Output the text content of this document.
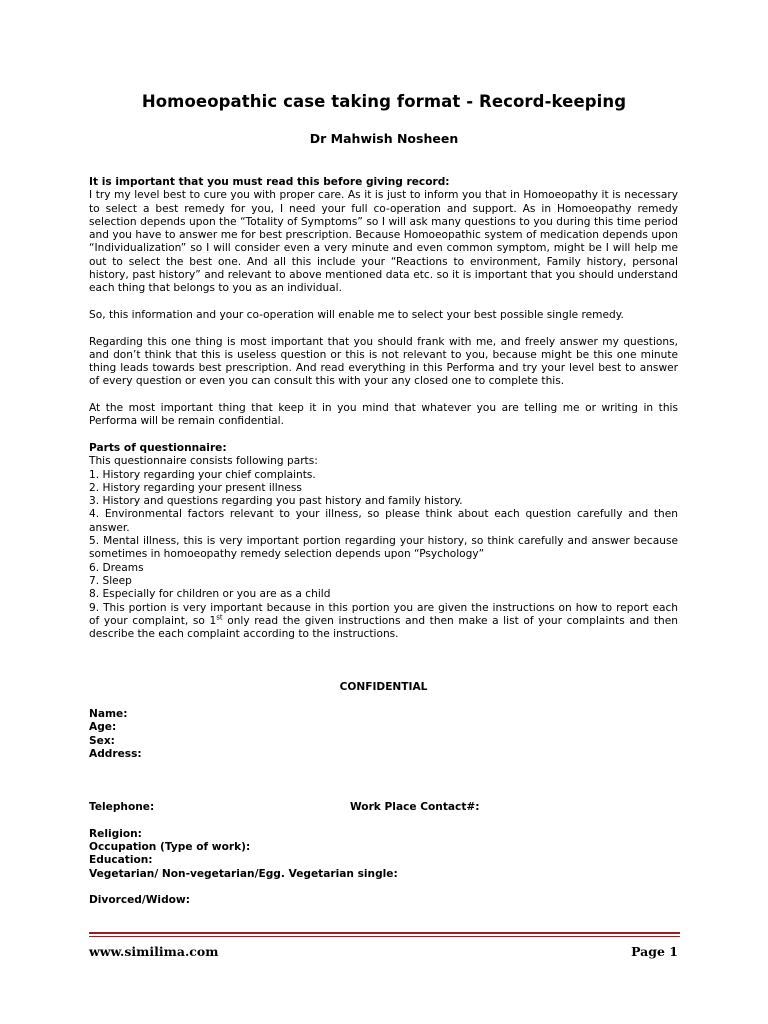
Homoeopathic case taking format - Record-keeping
Dr Mahwish Nosheen

It is important that you must read this before giving record:

I try my level best to cure you with proper care. As it is just to inform you that in Homoeopathy it is necessary to select a best remedy for you, I need your full co-operation and support. As in Homoeopathy remedy selection depends upon the “Totality of Symptoms” so I will ask many questions to you during this time period and you have to answer me for best prescription. Because Homoeopathic system of medication depends upon “Individualization” so I will consider even a very minute and even common symptom, might be I will help me out to select the best one. And all this include your “Reactions to environment, Family history, personal history, past history” and relevant to above mentioned data etc. so it is important that you should understand each thing that belongs to you as an individual.

So, this information and your co-operation will enable me to select your best possible single remedy.

Regarding this one thing is most important that you should frank with me, and freely answer my questions, and don’t think that this is useless question or this is not relevant to you, because might be this one minute thing leads towards best prescription. And read everything in this Performa and try your level best to answer of every question or even you can consult this with your any closed one to complete this.

At the most important thing that keep it in you mind that whatever you are telling me or writing in this Performa will be remain confidential.

Parts of questionnaire:

This questionnaire consists following parts:

1. History regarding your chief complaints.
2. History regarding your present illness
3. History and questions regarding you past history and family history.
4. Environmental factors relevant to your illness, so please think about each question carefully and then answer.
5. Mental illness, this is very important portion regarding your history, so think carefully and answer because sometimes in homoeopathy remedy selection depends upon “Psychology”
6. Dreams
7. Sleep
8. Especially for children or you are as a child
9. This portion is very important because in this portion you are given the instructions on how to report each of your complaint, so 1st only read the given instructions and then make a list of your complaints and then describe the each complaint according to the instructions.

CONFIDENTIAL

Name:
Age:
Sex:
Address:
Telephone:	Work Place Contact#:
Religion:
Occupation (Type of work):
Education:
Vegetarian/ Non-vegetarian/Egg. Vegetarian single:
Divorced/Widow:
www.similima.com	Page 1
